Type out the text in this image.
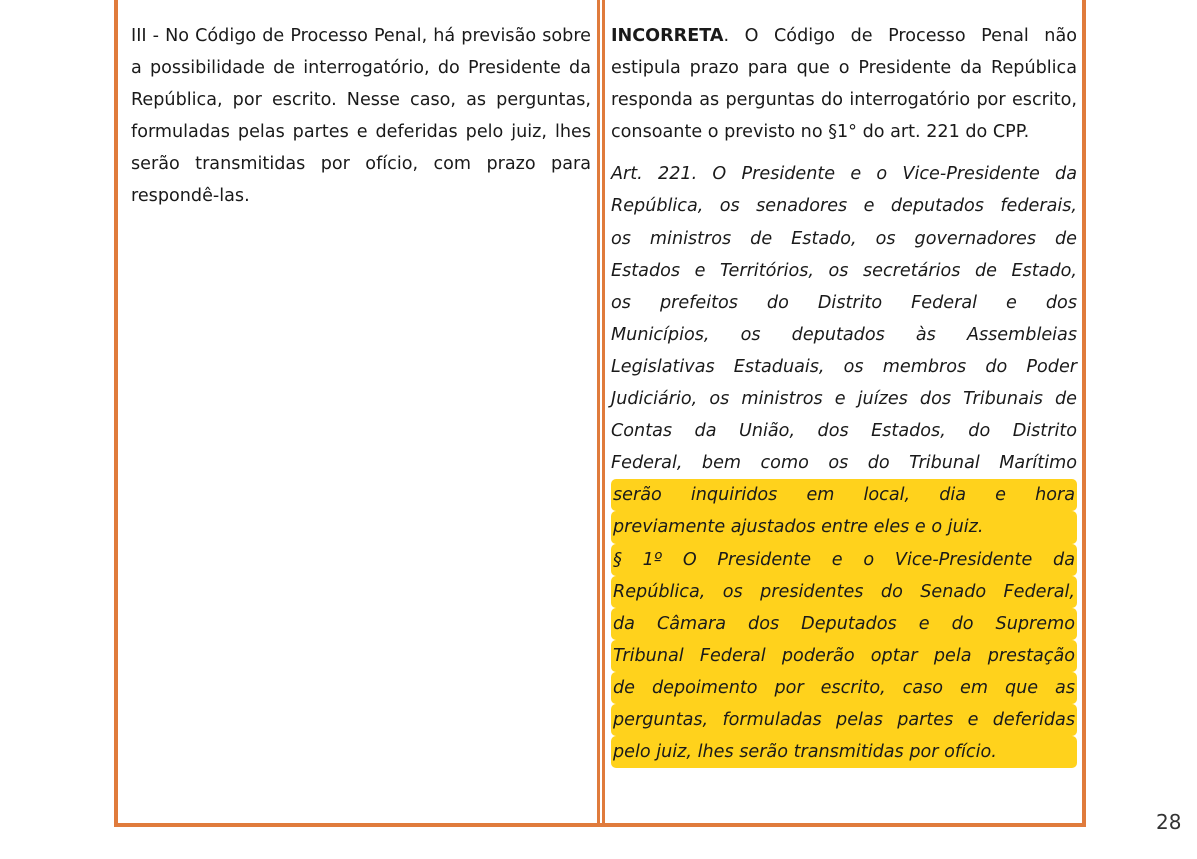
III - No Código de Processo Penal, há previsão sobre a possibilidade de interrogatório, do Presidente da República, por escrito. Nesse caso, as perguntas, formuladas pelas partes e deferidas pelo juiz, lhes serão transmitidas por ofício, com prazo para respondê-las.

INCORRETA. O Código de Processo Penal não estipula prazo para que o Presidente da República responda as perguntas do interrogatório por escrito, consoante o previsto no §1° do art. 221 do CPP.

Art. 221. O Presidente e o Vice-Presidente da
República, os senadores e deputados federais,
os ministros de Estado, os governadores de
Estados e Territórios, os secretários de Estado,
os prefeitos do Distrito Federal e dos
Municípios, os deputados às Assembleias
Legislativas Estaduais, os membros do Poder
Judiciário, os ministros e juízes dos Tribunais de
Contas da União, dos Estados, do Distrito
Federal, bem como os do Tribunal Marítimo
serão inquiridos em local, dia e hora
previamente ajustados entre eles e o juiz.
§ 1º O Presidente e o Vice-Presidente da
República, os presidentes do Senado Federal,
da Câmara dos Deputados e do Supremo
Tribunal Federal poderão optar pela prestação
de depoimento por escrito, caso em que as
perguntas, formuladas pelas partes e deferidas
pelo juiz, lhes serão transmitidas por ofício.
28
